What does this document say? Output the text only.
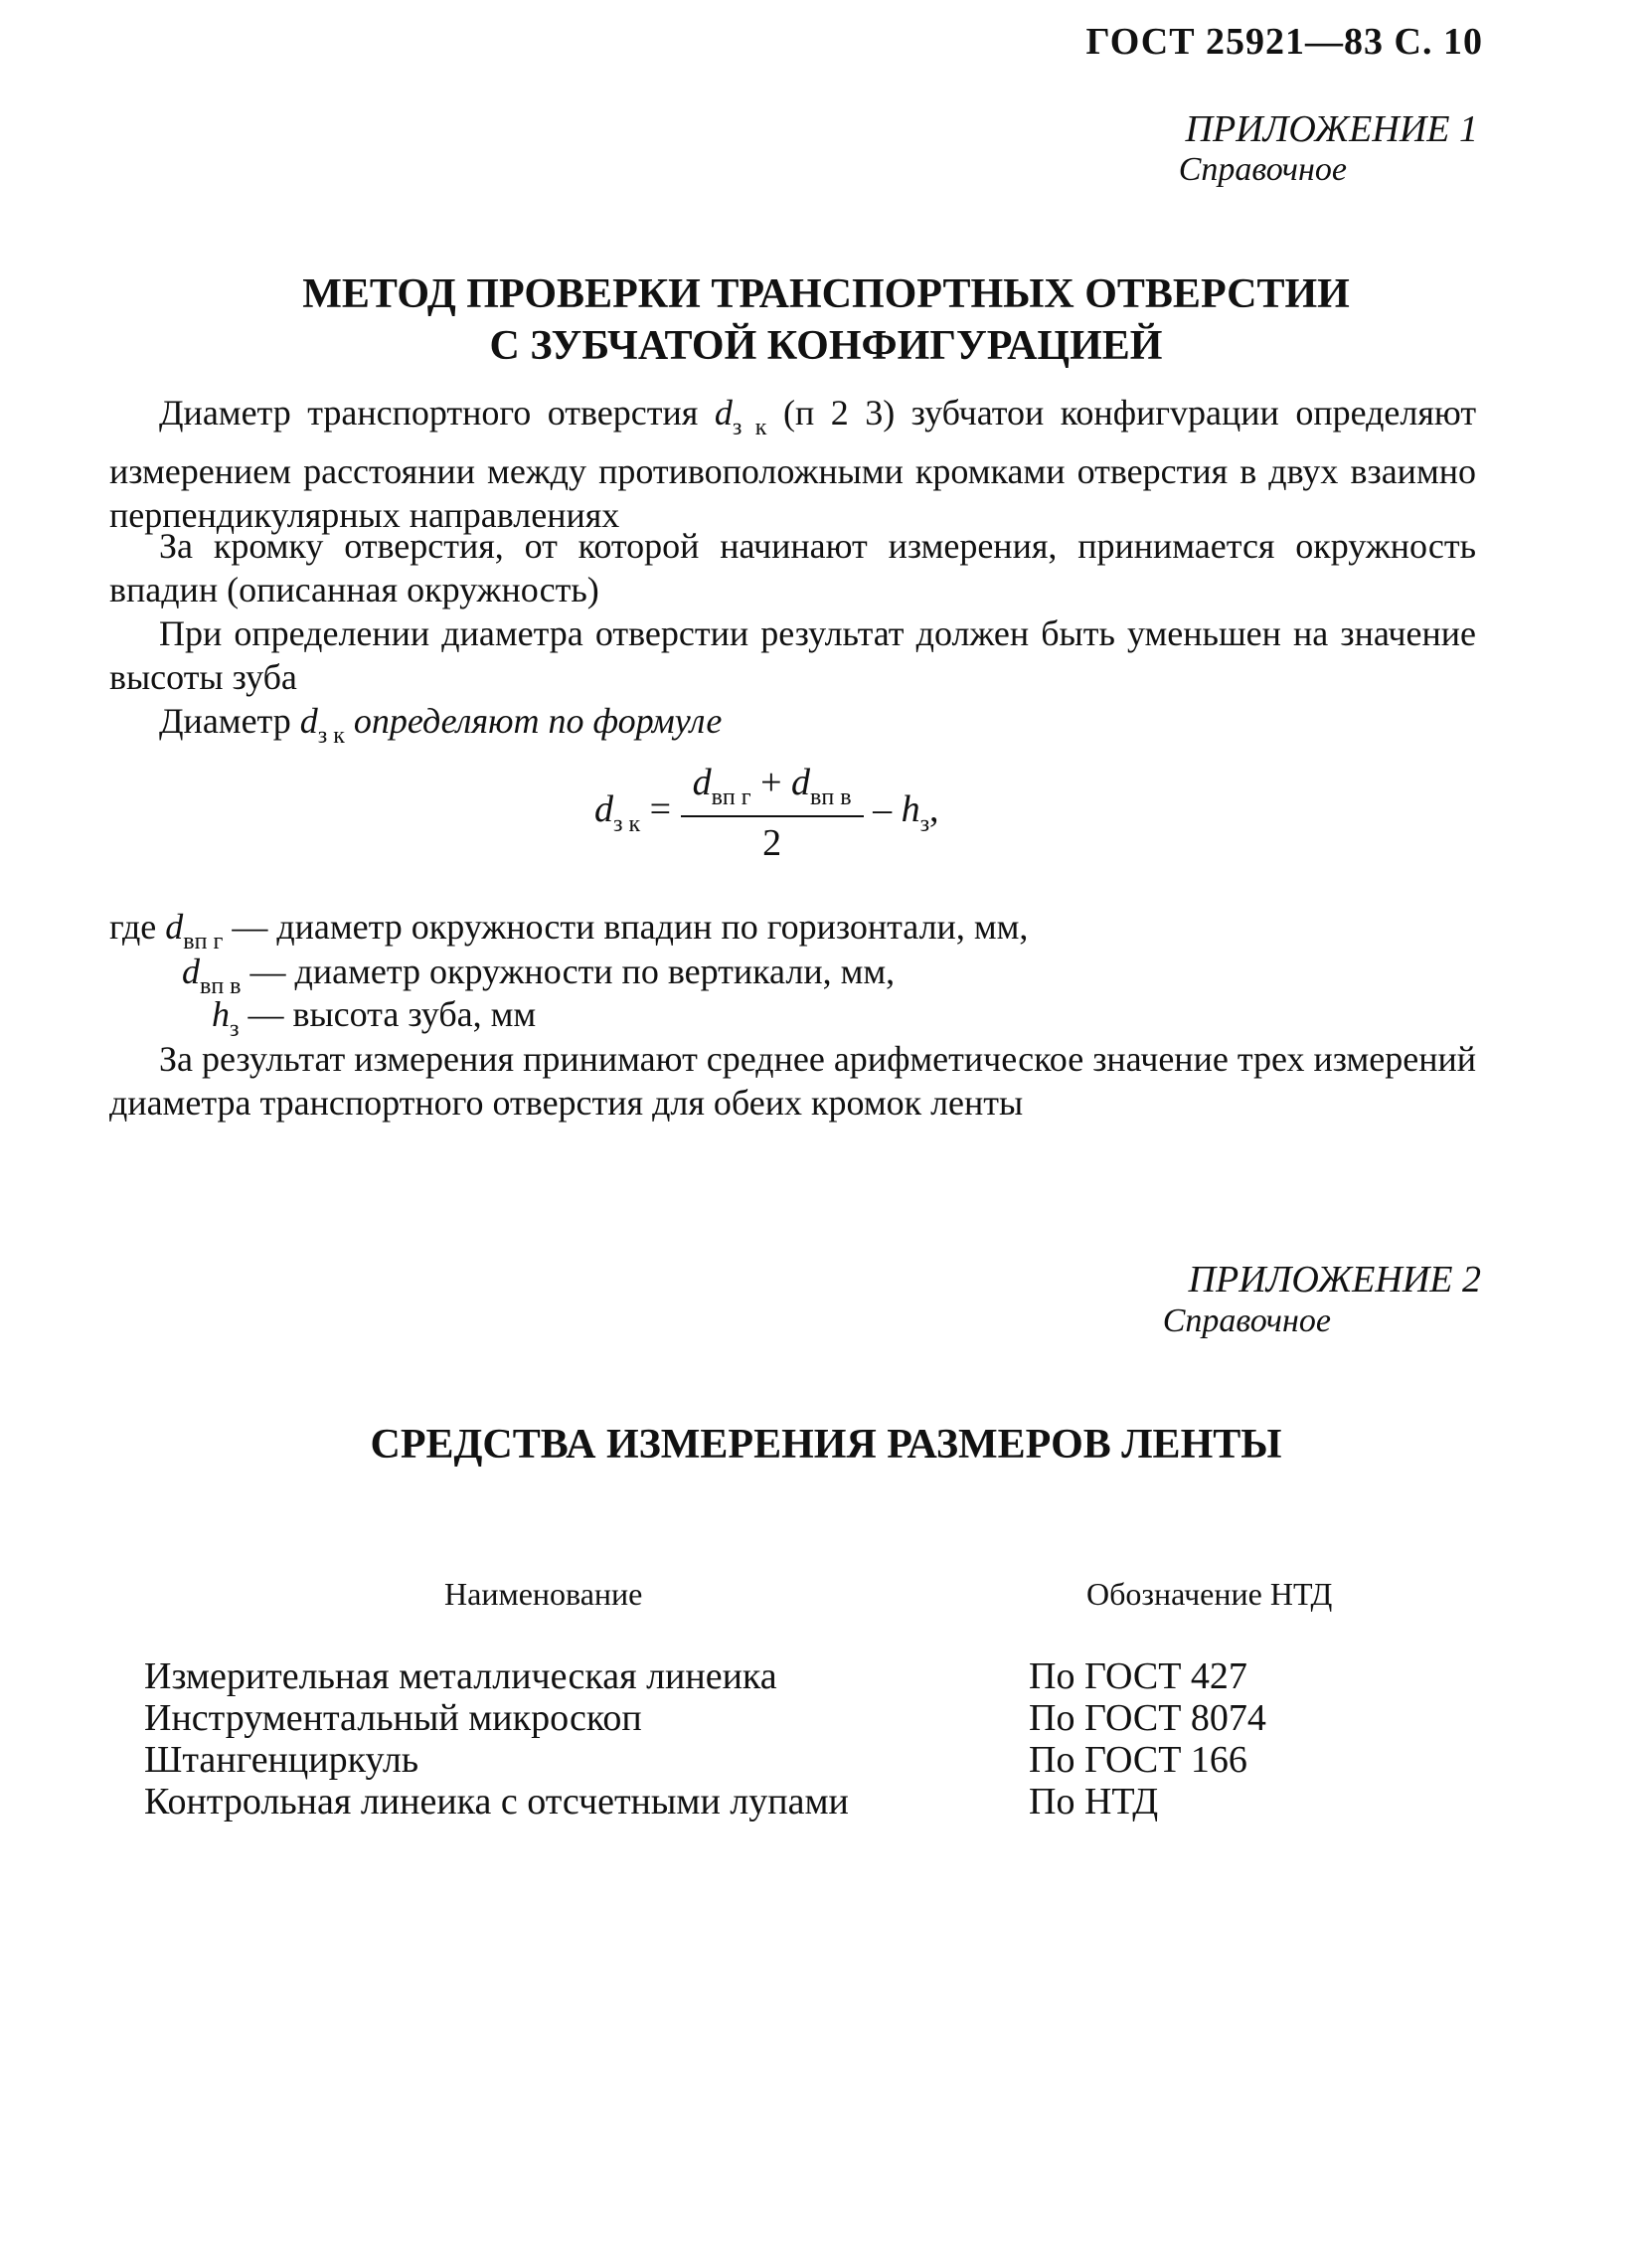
ГОСТ 25921—83 С. 10
ПРИЛОЖЕНИЕ 1
Справочное
МЕТОД ПРОВЕРКИ ТРАНСПОРТНЫХ ОТВЕРСТИИ
С ЗУБЧАТОЙ КОНФИГУРАЦИЕЙ
Диаметр транспортного отверстия $d_{з к}$ (п 2 3) зубчатои конфигvрации определяют измерением расстоянии между противоположными кромками отверстия в двух взаимно перпендикулярных направлениях
За кромку отверстия, от которой начинают измерения, принимается окружность впадин (описанная окружность)
При определении диаметра отверстии результат должен быть уменьшен на значение высоты зуба
Диаметр $d_{з к}$ определяют по формуле
$d_{з к} = \frac{d_{вп г} + d_{вп в}}{2} - h_з$,
где $d_{вп г}$ — диаметр окружности впадин по горизонтали, мм,
$d_{вп в}$ — диаметр окружности по вертикали, мм,
$h_з$ — высота зуба, мм
За результат измерения принимают среднее арифметическое значение трех измерений диаметра транспортного отверстия для обеих кромок ленты
ПРИЛОЖЕНИЕ 2
Справочное
СРЕДСТВА ИЗМЕРЕНИЯ РАЗМЕРОВ ЛЕНТЫ
Наименование	Обозначение НТД
Измерительная металлическая линеика	По ГОСТ 427
Инструментальный микроскоп	По ГОСТ 8074
Штангенциркуль	По ГОСТ 166
Контрольная линеика с отсчетными лупами	По НТД
